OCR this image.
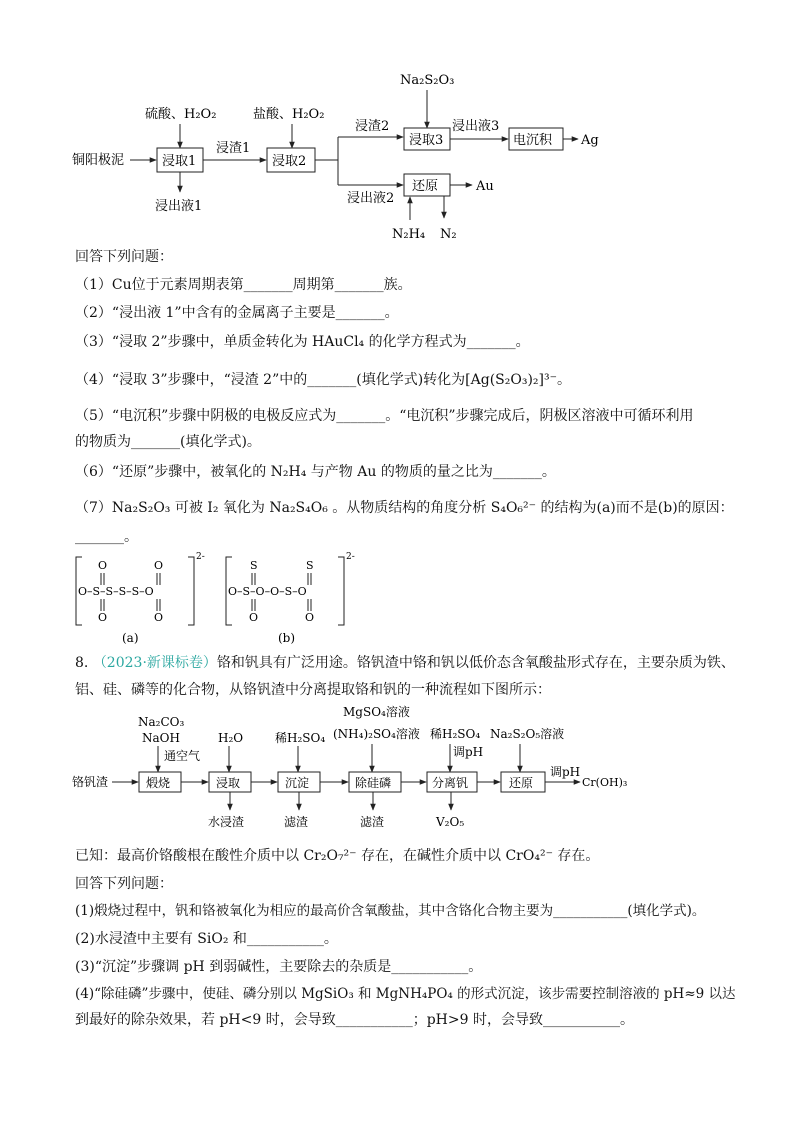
Na₂S₂O₃
硫酸、H₂O₂	盐酸、H₂O₂
铜阳极泥	浸取1
浸出液1
浸渣1
浸取2
浸渣2
浸出液2
浸取3
浸出液3
电沉积 Ag
还原	Au
N₂H₄ N₂
回答下列问题：
（1）Cu位于元素周期表第_______周期第_______族。
（2）“浸出液 1”中含有的金属离子主要是_______。
（3）“浸取 2”步骤中，单质金转化为 HAuCl₄ 的化学方程式为_______。
（4）“浸取 3”步骤中，“浸渣 2”中的_______(填化学式)转化为[Ag(S₂O₃)₂]³⁻。
（5）“电沉积”步骤中阴极的电极反应式为_______。“电沉积”步骤完成后，阴极区溶液中可循环利用
的物质为_______(填化学式)。
（6）“还原”步骤中，被氧化的 N₂H₄ 与产物 Au 的物质的量之比为_______。
（7）Na₂S₂O₃ 可被 I₂ 氧化为 Na₂S₄O₆ 。从物质结构的角度分析 S₄O₆²⁻ 的结构为(a)而不是(b)的原因：
_______。
2-
O	O
O–S–S–S–S–O
O	O
2-
S	S
O–S–O–O–S–O
O	O
(a)	(b)
8. （2023·新课标卷）铬和钒具有广泛用途。铬钒渣中铬和钒以低价态含氧酸盐形式存在，主要杂质为铁、
铝、硅、磷等的化合物，从铬钒渣中分离提取铬和钒的一种流程如下图所示：
Na₂CO₃
NaOH
通空气
H₂O	稀H₂SO₄
MgSO₄溶液
(NH₄)₂SO₄溶液 稀H₂SO₄
调pH
Na₂S₂O₅溶液
铬钒渣	煅烧	浸取
水浸渣
沉淀
滤渣
除硅磷
滤渣
分离钒
V₂O₅
还原
调pH
Cr(OH)₃
已知：最高价铬酸根在酸性介质中以 Cr₂O₇²⁻ 存在，在碱性介质中以 CrO₄²⁻ 存在。
回答下列问题：
(1)煅烧过程中，钒和铬被氧化为相应的最高价含氧酸盐，其中含铬化合物主要为___________(填化学式)。
(2)水浸渣中主要有 SiO₂ 和___________。
(3)“沉淀”步骤调 pH 到弱碱性，主要除去的杂质是___________。
(4)“除硅磷”步骤中，使硅、磷分别以 MgSiO₃ 和 MgNH₄PO₄ 的形式沉淀，该步需要控制溶液的 pH≈9 以达
到最好的除杂效果，若 pH<9 时，会导致___________；pH>9 时，会导致___________。
